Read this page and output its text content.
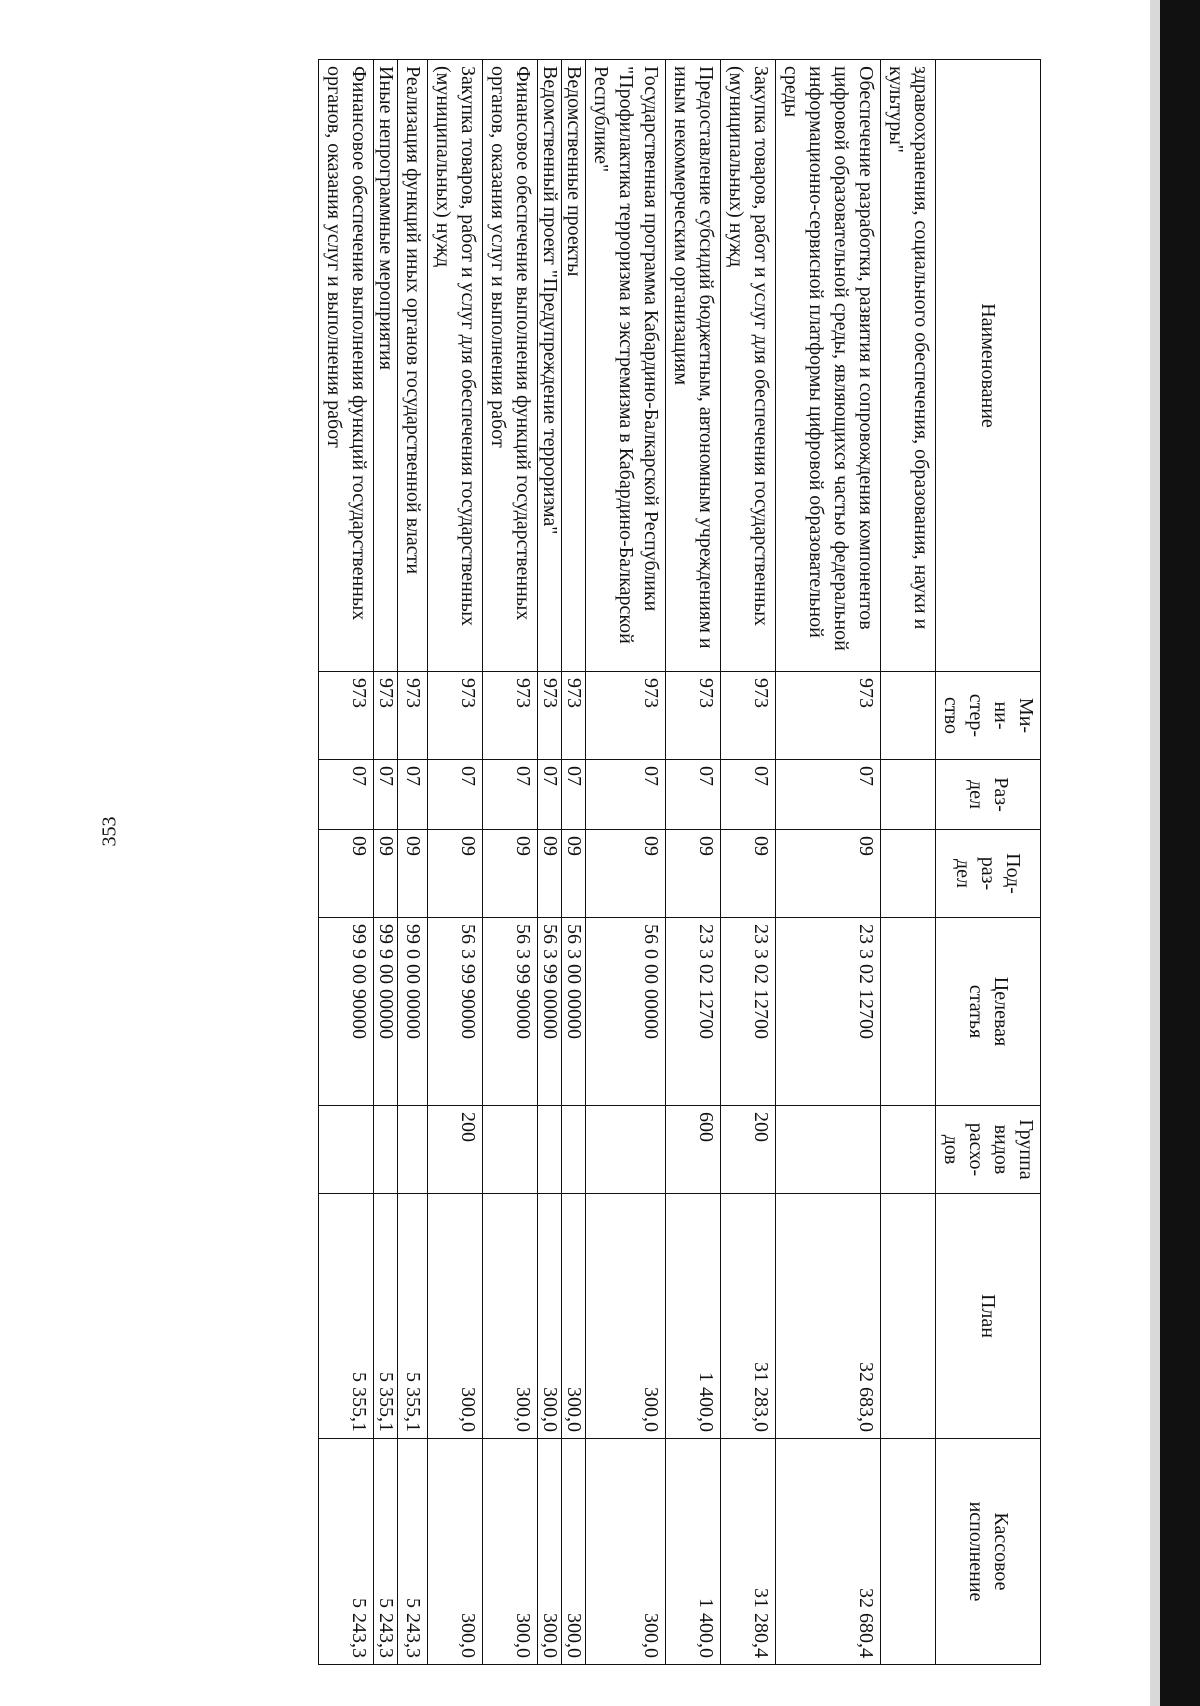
353
Наименование	Ми-
ни-
стер-
ство	Раз-
дел	Под-
раз-
дел	Целевая
статья	Группа
видов
расхо-
дов	План	Кассовое
исполнение
здравоохранения, социального обеспечения, образования, науки и культуры"							
Обеспечение разработки, развития и сопровождения компонентов цифровой образовательной среды, являющихся частью федеральной информационно-сервисной платформы цифровой образовательной среды	973	07	09	23 3 02 12700		32 683,0	32 680,4
Закупка товаров, работ и услуг для обеспечения государственных (муниципальных) нужд	973	07	09	23 3 02 12700	200	31 283,0	31 280,4
Предоставление субсидий бюджетным, автономным учреждениям и иным некоммерческим организациям	973	07	09	23 3 02 12700	600	1 400,0	1 400,0
Государственная программа Кабардино-Балкарской Республики "Профилактика терроризма и экстремизма в Кабардино-Балкарской Республике"	973	07	09	56 0 00 00000		300,0	300,0
Ведомственные проекты	973	07	09	56 3 00 00000		300,0	300,0
Ведомственный проект "Предупреждение терроризма"	973	07	09	56 3 99 00000		300,0	300,0
Финансовое обеспечение выполнения функций государственных органов, оказания услуг и выполнения работ	973	07	09	56 3 99 90000		300,0	300,0
Закупка товаров, работ и услуг для обеспечения государственных (муниципальных) нужд	973	07	09	56 3 99 90000	200	300,0	300,0
Реализация функций иных органов государственной власти	973	07	09	99 0 00 00000		5 355,1	5 243,3
Иные непрограммные мероприятия	973	07	09	99 9 00 00000		5 355,1	5 243,3
Финансовое обеспечение выполнения функций государственных органов, оказания услуг и выполнения работ	973	07	09	99 9 00 90000		5 355,1	5 243,3
